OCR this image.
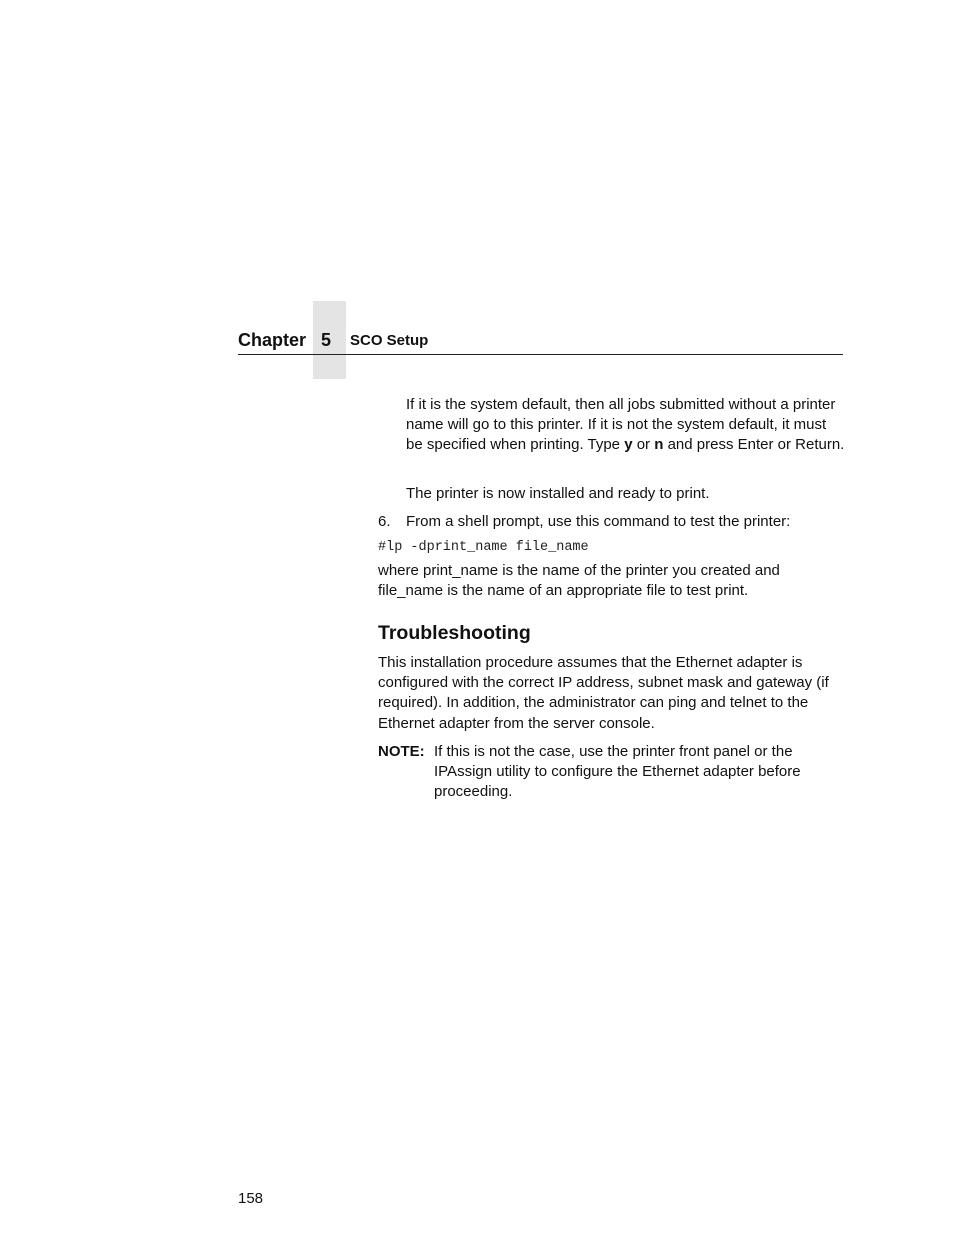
Chapter 5 SCO Setup

If it is the system default, then all jobs submitted without a printer name will go to this printer. If it is not the system default, it must be specified when printing. Type y or n and press Enter or Return.

The printer is now installed and ready to print.

6. From a shell prompt, use this command to test the printer:

#lp -dprint_name file_name

where print_name is the name of the printer you created and file_name is the name of an appropriate file to test print.

Troubleshooting

This installation procedure assumes that the Ethernet adapter is configured with the correct IP address, subnet mask and gateway (if required). In addition, the administrator can ping and telnet to the Ethernet adapter from the server console.

NOTE: If this is not the case, use the printer front panel or the IPAssign utility to configure the Ethernet adapter before proceeding.

158
